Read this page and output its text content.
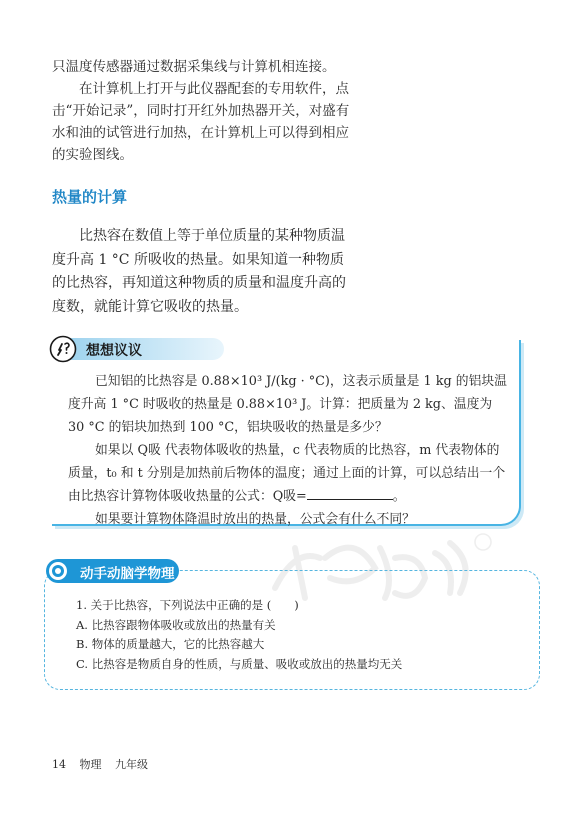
只温度传感器通过数据采集线与计算机相连接。

在计算机上打开与此仪器配套的专用软件，点击“开始记录”，同时打开红外加热器开关，对盛有水和油的试管进行加热，在计算机上可以得到相应的实验图线。

热量的计算

比热容在数值上等于单位质量的某种物质温度升高 1 °C 所吸收的热量。如果知道一种物质的比热容，再知道这种物质的质量和温度升高的度数，就能计算它吸收的热量。

想想议议

已知铝的比热容是 0.88×10³ J/(kg · °C)，这表示质量是 1 kg 的铝块温度升高 1 °C 时吸收的热量是 0.88×10³ J。计算：把质量为 2 kg、温度为 30 °C 的铝块加热到 100 °C，铝块吸收的热量是多少？

如果以 Q吸 代表物体吸收的热量，c 代表物质的比热容，m 代表物体的质量，t₀ 和 t 分别是加热前后物体的温度；通过上面的计算，可以总结出一个由比热容计算物体吸收热量的公式：Q吸=	。

如果要计算物体降温时放出的热量，公式会有什么不同？

动手动脑学物理
1. 关于比热容，下列说法中正确的是 (　　)
A. 比热容跟物体吸收或放出的热量有关
B. 物体的质量越大，它的比热容越大
C. 比热容是物质自身的性质，与质量、吸收或放出的热量均无关

14 物理 九年级
